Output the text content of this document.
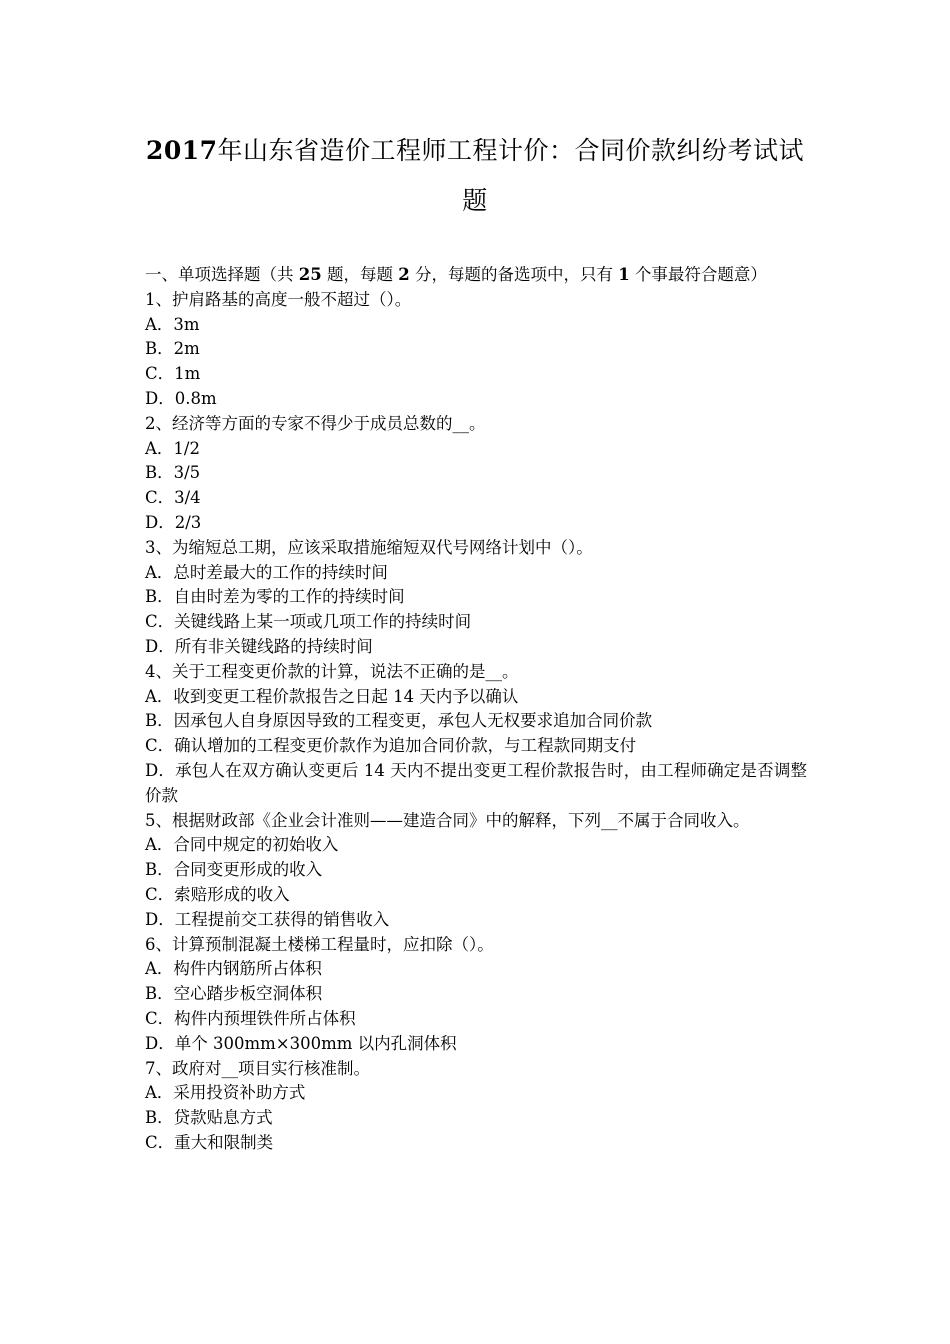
2017年山东省造价工程师工程计价：合同价款纠纷考试试
题
一、单项选择题（共 25 题，每题 2 分，每题的备选项中，只有 1 个事最符合题意）
1、护肩路基的高度一般不超过（）。
A．3m
B．2m
C．1m
D．0.8m
2、经济等方面的专家不得少于成员总数的__。
A．1/2
B．3/5
C．3/4
D．2/3
3、为缩短总工期，应该采取措施缩短双代号网络计划中（）。
A．总时差最大的工作的持续时间
B．自由时差为零的工作的持续时间
C．关键线路上某一项或几项工作的持续时间
D．所有非关键线路的持续时间
4、关于工程变更价款的计算，说法不正确的是__。
A．收到变更工程价款报告之日起 14 天内予以确认
B．因承包人自身原因导致的工程变更，承包人无权要求追加合同价款
C．确认增加的工程变更价款作为追加合同价款，与工程款同期支付
D．承包人在双方确认变更后 14 天内不提出变更工程价款报告时，由工程师确定是否调整价款
5、根据财政部《企业会计准则——建造合同》中的解释，下列__不属于合同收入。
A．合同中规定的初始收入
B．合同变更形成的收入
C．索赔形成的收入
D．工程提前交工获得的销售收入
6、计算预制混凝土楼梯工程量时，应扣除（）。
A．构件内钢筋所占体积
B．空心踏步板空洞体积
C．构件内预埋铁件所占体积
D．单个 300mm×300mm 以内孔洞体积
7、政府对__项目实行核准制。
A．采用投资补助方式
B．贷款贴息方式
C．重大和限制类
